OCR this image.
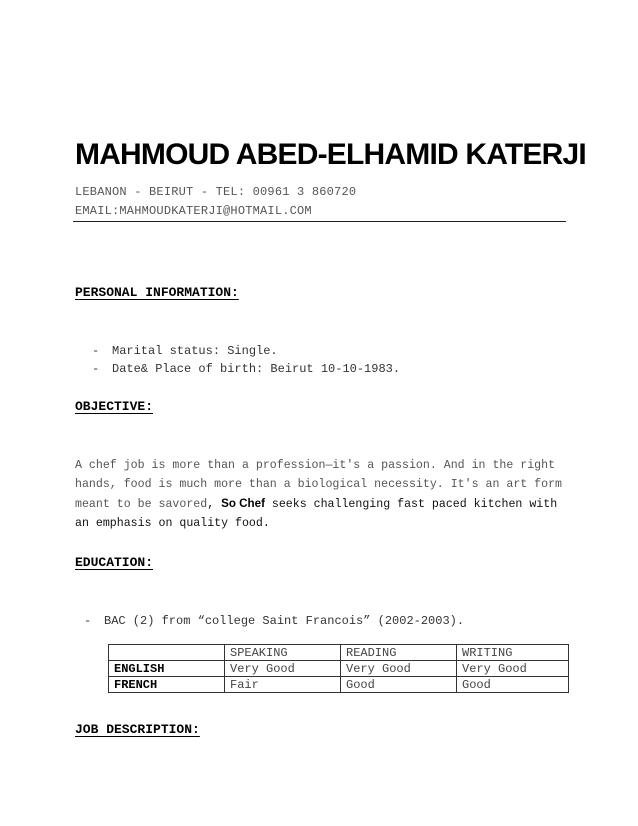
MAHMOUD ABED-ELHAMID KATERJI
LEBANON - BEIRUT - TEL: 00961 3 860720
EMAIL:MAHMOUDKATERJI@HOTMAIL.COM
PERSONAL INFORMATION:
- Marital status: Single.
- Date& Place of birth: Beirut 10-10-1983.
OBJECTIVE:

A chef job is more than a profession—it's a passion. And in the right hands, food is much more than a biological necessity. It's an art form meant to be savored, So Chef seeks challenging fast paced kitchen with an emphasis on quality food.

EDUCATION:
- BAC (2) from “college Saint Francois” (2002-2003).
	SPEAKING	READING	WRITING
ENGLISH	Very Good	Very Good	Very Good
FRENCH	Fair	Good	Good
JOB DESCRIPTION:
